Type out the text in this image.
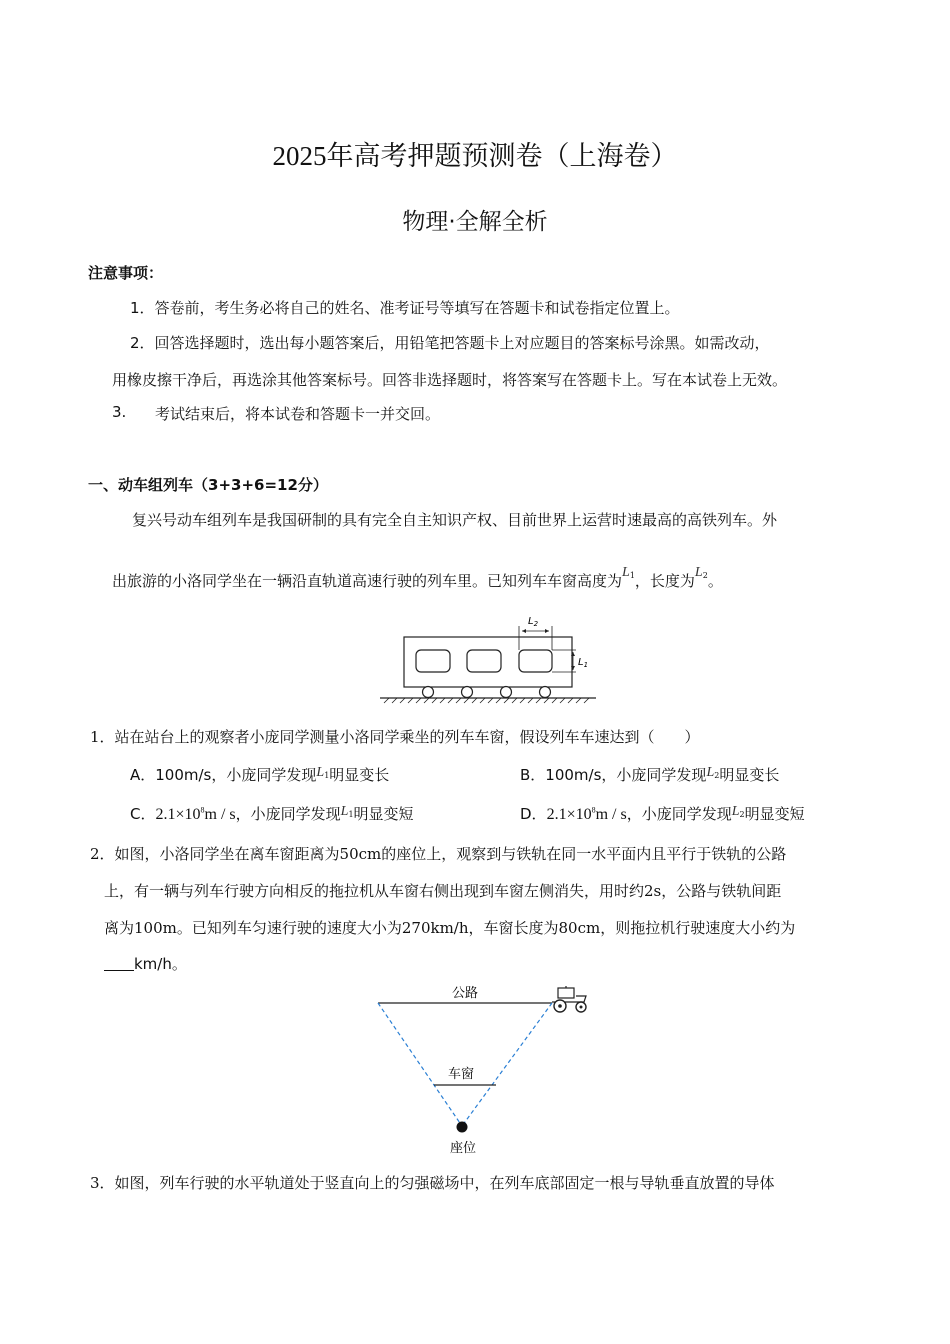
2025年高考押题预测卷（上海卷）
物理·全解全析
注意事项：
1．答卷前，考生务必将自己的姓名、准考证号等填写在答题卡和试卷指定位置上。
2．回答选择题时，选出每小题答案后，用铅笔把答题卡上对应题目的答案标号涂黑。如需改动，
用橡皮擦干净后，再选涂其他答案标号。回答非选择题时，将答案写在答题卡上。写在本试卷上无效。
3. 考试结束后，将本试卷和答题卡一并交回。
一、动车组列车（3+3+6=12分）
复兴号动车组列车是我国研制的具有完全自主知识产权、目前世界上运营时速最高的高铁列车。外
出旅游的小洛同学坐在一辆沿直轨道高速行驶的列车里。已知列车车窗高度为$L_1$，长度为$L_2$。
$L_2$
$L_1$
1．站在站台上的观察者小庞同学测量小洛同学乘坐的列车车窗，假设列车车速达到（　　）
A．100m/s，小庞同学发现$L_1$明显变长	B．100m/s，小庞同学发现$L_2$明显变长
C．$2.1\times 10^8m / s$，小庞同学发现$L_1$明显变短	D．$2.1\times 10^8m / s$，小庞同学发现$L_2$明显变短
2．如图，小洛同学坐在离车窗距离为50cm的座位上，观察到与铁轨在同一水平面内且平行于铁轨的公路
上，有一辆与列车行驶方向相反的拖拉机从车窗右侧出现到车窗左侧消失，用时约2s，公路与铁轨间距
离为100m。已知列车匀速行驶的速度大小为270km/h，车窗长度为80cm，则拖拉机行驶速度大小约为
km/h。
公路
车窗
座位
3．如图，列车行驶的水平轨道处于竖直向上的匀强磁场中，在列车底部固定一根与导轨垂直放置的导体
